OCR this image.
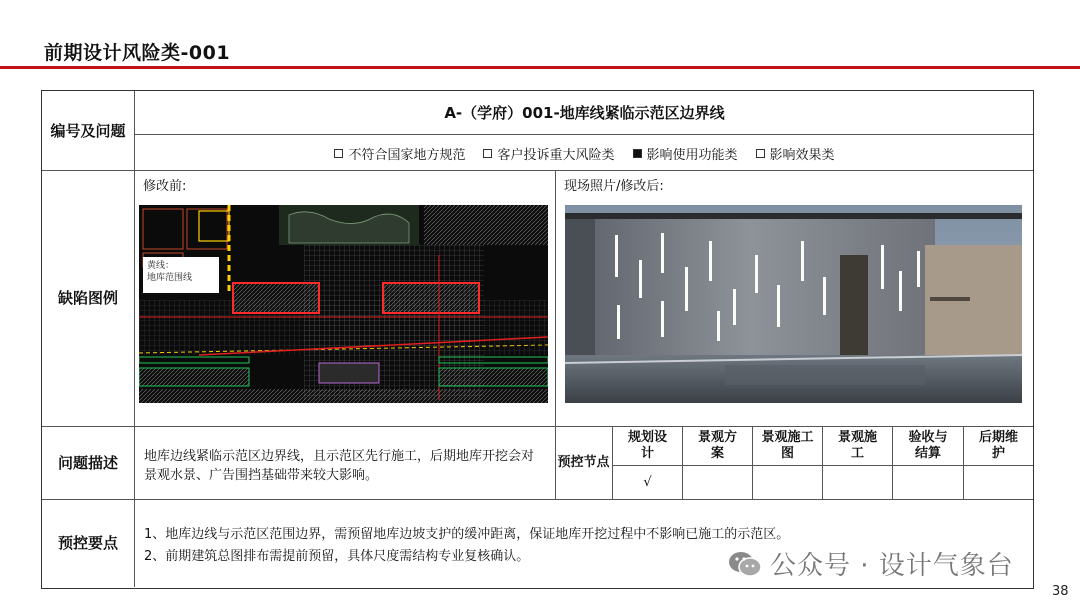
前期设计风险类-001
编号及问题
缺陷图例
问题描述
预控要点
A-（学府）001-地库线紧临示范区边界线
不符合国家地方规范 客户投诉重大风险类 影响使用功能类 影响效果类
修改前:	现场照片/修改后:
黄线：
地库范围线
地库边线紧临示范区边界线，且示范区先行施工，后期地库开挖会对景观水景、广告围挡基础带来较大影响。
预控节点
规划设计
景观方案
景观施工图
景观施工
验收与结算
后期维护
√
1、地库边线与示范区范围边界，需预留地库边坡支护的缓冲距离，保证地库开挖过程中不影响已施工的示范区。
2、前期建筑总图排布需提前预留，具体尺度需结构专业复核确认。	公众号 · 设计气象台
38
